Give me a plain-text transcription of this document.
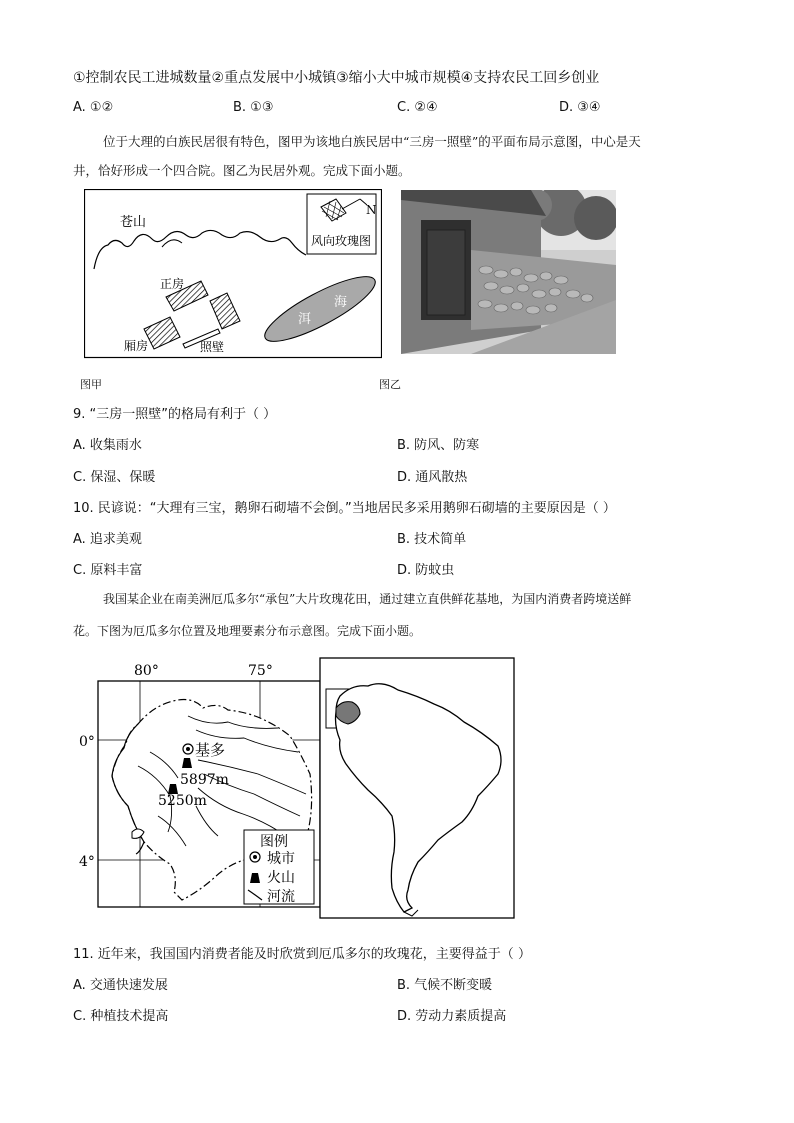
①控制农民工进城数量②重点发展中小城镇③缩小大中城市规模④支持农民工回乡创业
A. ①②	B. ①③	C. ②④	D. ③④
位于大理的白族民居很有特色，图甲为该地白族民居中“三房一照壁”的平面布局示意图，中心是天
井，恰好形成一个四合院。图乙为民居外观。完成下面小题。
苍山
N
风向玫瑰图
正房
厢房	照壁
海
洱
图甲	图乙
9. “三房一照壁”的格局有利于（ ）
A. 收集雨水	B. 防风、防寒
C. 保湿、保暖	D. 通风散热
10. 民谚说：“大理有三宝，鹅卵石砌墙不会倒。”当地居民多采用鹅卵石砌墙的主要原因是（ ）
A. 追求美观	B. 技术简单
C. 原料丰富	D. 防蚊虫
我国某企业在南美洲厄瓜多尔“承包”大片玫瑰花田，通过建立直供鲜花基地，为国内消费者跨境送鲜
花。下图为厄瓜多尔位置及地理要素分布示意图。完成下面小题。
80°	75°
0°
4°
基多
5897m
5250m
图例
城市
火山
河流
11. 近年来，我国国内消费者能及时欣赏到厄瓜多尔的玫瑰花，主要得益于（ ）
A. 交通快速发展	B. 气候不断变暖
C. 种植技术提高	D. 劳动力素质提高
